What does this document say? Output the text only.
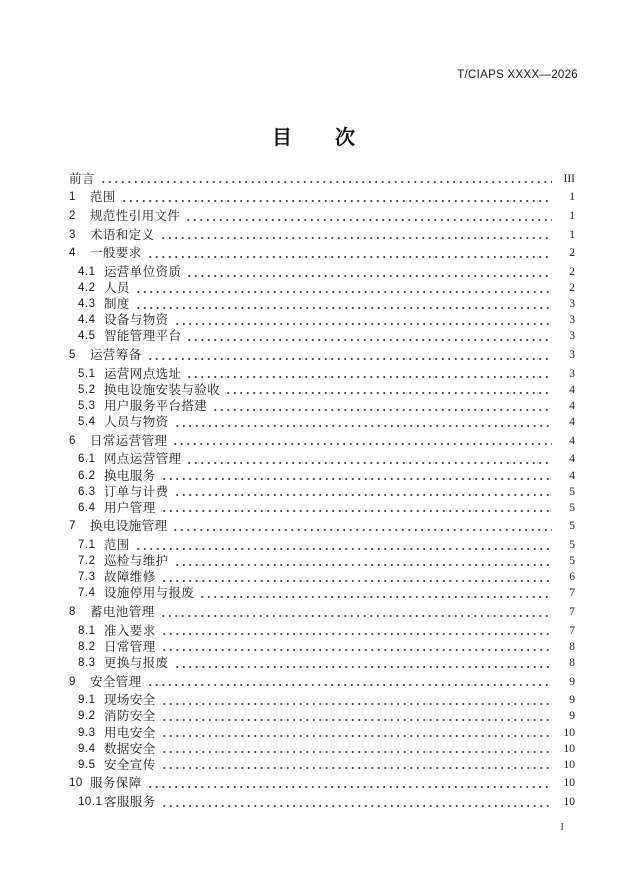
T/CIAPS XXXX—2026
目　　次
前言	III
1	范围	1
2	规范性引用文件	1
3	术语和定义	1
4	一般要求	2
4.1 运营单位资质	2
4.2 人员	2
4.3 制度	3
4.4 设备与物资	3
4.5 智能管理平台	3
5	运营筹备	3
5.1 运营网点选址	3
5.2 换电设施安装与验收	4
5.3 用户服务平台搭建	4
5.4 人员与物资	4
6	日常运营管理	4
6.1 网点运营管理	4
6.2 换电服务	4
6.3 订单与计费	5
6.4 用户管理	5
7	换电设施管理	5
7.1 范围	5
7.2 巡检与维护	5
7.3 故障维修	6
7.4 设施停用与报废	7
8	蓄电池管理	7
8.1 准入要求	7
8.2 日常管理	8
8.3 更换与报废	8
9	安全管理	9
9.1 现场安全	9
9.2 消防安全	9
9.3 用电安全	10
9.4 数据安全	10
9.5 安全宣传	10
10 服务保障	10
10.1 客服服务	10
I
